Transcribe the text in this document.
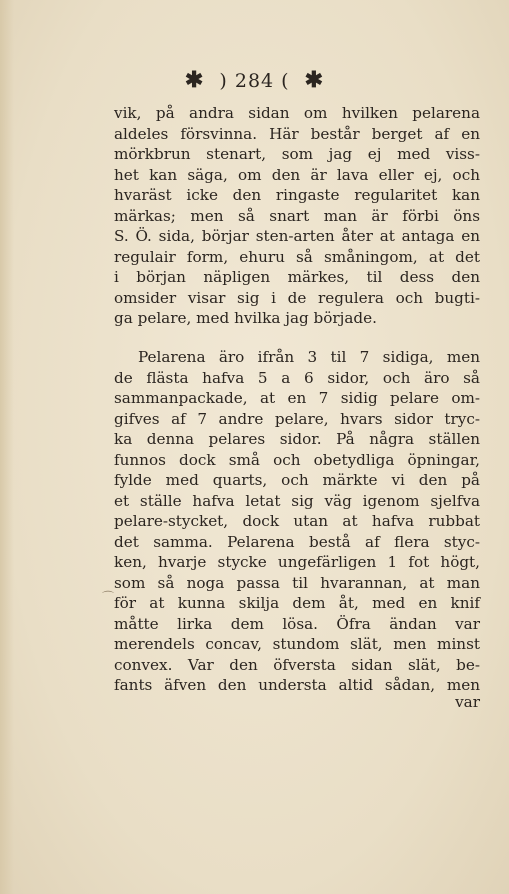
✱ ) 284 ( ✱
vik, på andra sidan om hvilken pelarena
aldeles försvinna. Här består berget af en
mörkbrun stenart, som jag ej med viss-
het kan säga, om den är lava eller ej, och
hvaräst icke den ringaste regularitet kan
märkas; men så snart man är förbi öns
S. Ö. sida, börjar sten-arten åter at antaga en
regulair form, ehuru så småningom, at det
i början näpligen märkes, til dess den
omsider visar sig i de regulera och bugti-
ga pelare, med hvilka jag började.
Pelarena äro ifrån 3 til 7 sidiga, men
de flästa hafva 5 a 6 sidor, och äro så
sammanpackade, at en 7 sidig pelare om-
gifves af 7 andre pelare, hvars sidor tryc-
ka denna pelares sidor. På några ställen
funnos dock små och obetydliga öpningar,
fylde med quarts, och märkte vi den på
et ställe hafva letat sig väg igenom sjelfva
pelare-stycket, dock utan at hafva rubbat
det samma. Pelarena bestå af flera styc-
ken, hvarje stycke ungefärligen 1 fot högt,
som så noga passa til hvarannan, at man
för at kunna skilja dem åt, med en knif
måtte lirka dem lösa. Öfra ändan var
merendels concav, stundom slät, men minst
convex. Var den öfversta sidan slät, be-
fants äfven den understa altid sådan, men
var
⌒
